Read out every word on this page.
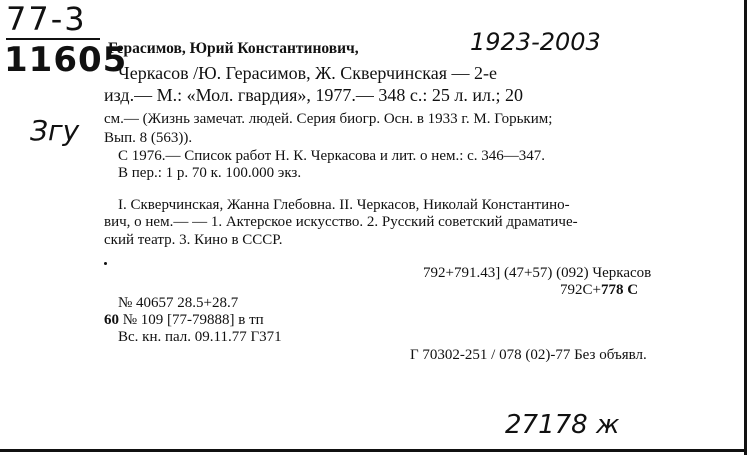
77-3
11605	1923-2003
Згу
27178 ж
Герасимов, Юрий Константинович,
Черкасов /Ю. Герасимов, Ж. Скверчинская — 2-е
изд.— М.: «Мол. гвардия», 1977.— 348 с.: 25 л. ил.; 20
см.— (Жизнь замечат. людей. Серия биогр. Осн. в 1933 г. М. Горьким;
Вып. 8 (563)).
С 1976.— Список работ Н. К. Черкасова и лит. о нем.: с. 346—347.
В пер.: 1 р. 70 к. 100.000 экз.
I. Скверчинская, Жанна Глебовна. II. Черкасов, Николай Константино-
вич, о нем.— — 1. Актерское искусство. 2. Русский советский драматиче-
ский театр. 3. Кино в СССР.
792+791.43] (47+57) (092) Черкасов
792С+778 С
№ 40657 28.5+28.7
60 № 109 [77-79888] в тп
Вс. кн. пал. 09.11.77 Г371
Г 70302-251 / 078 (02)-77 Без объявл.
